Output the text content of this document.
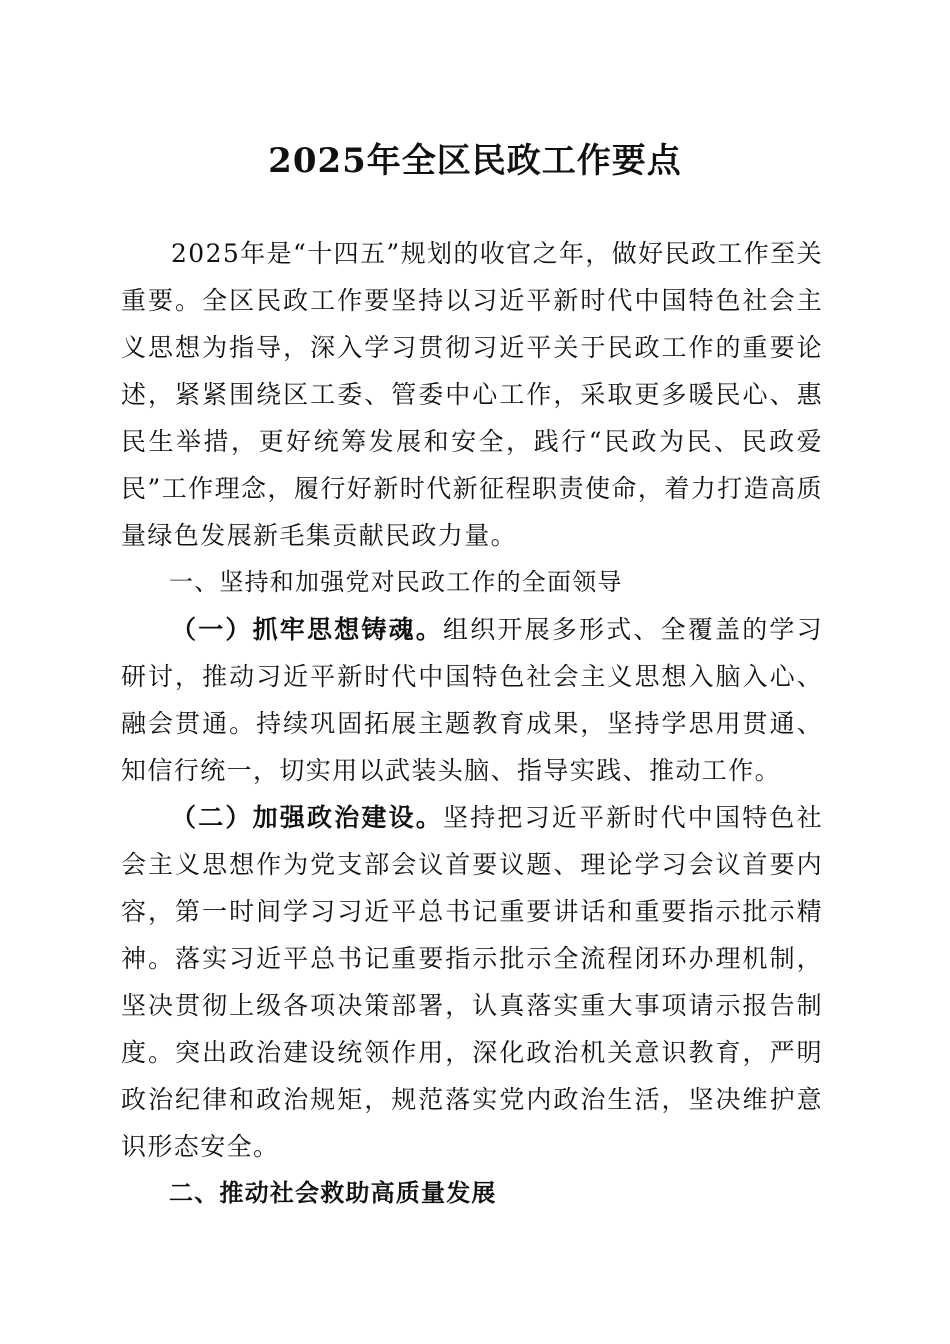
2025年全区民政工作要点

2025年是“十四五”规划的收官之年，做好民政工作至关重要。全区民政工作要坚持以习近平新时代中国特色社会主义思想为指导，深入学习贯彻习近平关于民政工作的重要论述，紧紧围绕区工委、管委中心工作，采取更多暖民心、惠民生举措，更好统筹发展和安全，践行“民政为民、民政爱民”工作理念，履行好新时代新征程职责使命，着力打造高质量绿色发展新毛集贡献民政力量。

一、坚持和加强党对民政工作的全面领导

（一）抓牢思想铸魂。组织开展多形式、全覆盖的学习研讨，推动习近平新时代中国特色社会主义思想入脑入心、融会贯通。持续巩固拓展主题教育成果，坚持学思用贯通、知信行统一，切实用以武装头脑、指导实践、推动工作。

（二）加强政治建设。坚持把习近平新时代中国特色社会主义思想作为党支部会议首要议题、理论学习会议首要内容，第一时间学习习近平总书记重要讲话和重要指示批示精神。落实习近平总书记重要指示批示全流程闭环办理机制，坚决贯彻上级各项决策部署，认真落实重大事项请示报告制度。突出政治建设统领作用，深化政治机关意识教育，严明政治纪律和政治规矩，规范落实党内政治生活，坚决维护意识形态安全。

二、推动社会救助高质量发展
